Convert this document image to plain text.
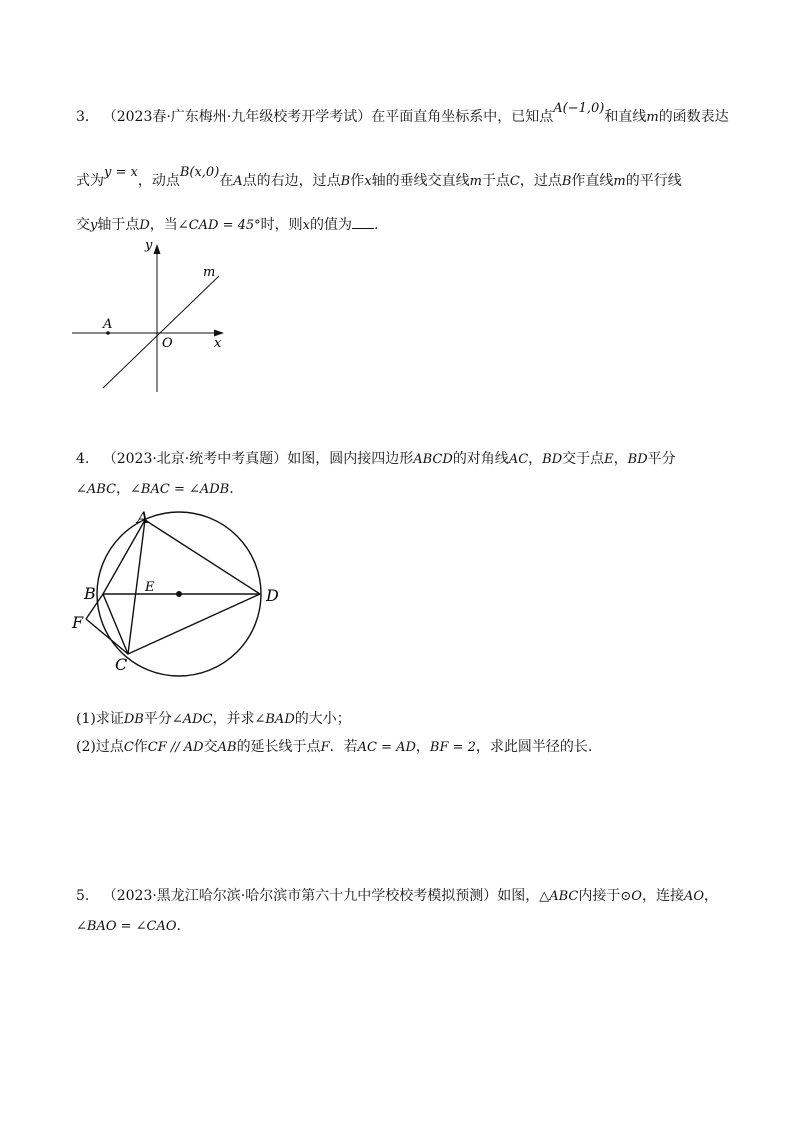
3. （2023春·广东梅州·九年级校考开学考试）在平面直角坐标系中，已知点A(−1,0)和直线m的函数表达
式为y = x，动点B(x,0)在A点的右边，过点B作x轴的垂线交直线m于点C，过点B作直线m的平行线
交y轴于点D，当∠CAD = 45°时，则x的值为 .
y
m
A
O	x
4. （2023·北京·统考中考真题）如图，圆内接四边形ABCD的对角线AC，BD交于点E，BD平分
∠ABC，∠BAC = ∠ADB.
A
B	E	D
F
C
(1)求证DB平分∠ADC，并求∠BAD的大小；
(2)过点C作CF // AD交AB的延长线于点F．若AC = AD，BF = 2，求此圆半径的长.
5. （2023·黑龙江哈尔滨·哈尔滨市第六十九中学校校考模拟预测）如图，△ABC内接于⊙O，连接AO，
∠BAO = ∠CAO.
